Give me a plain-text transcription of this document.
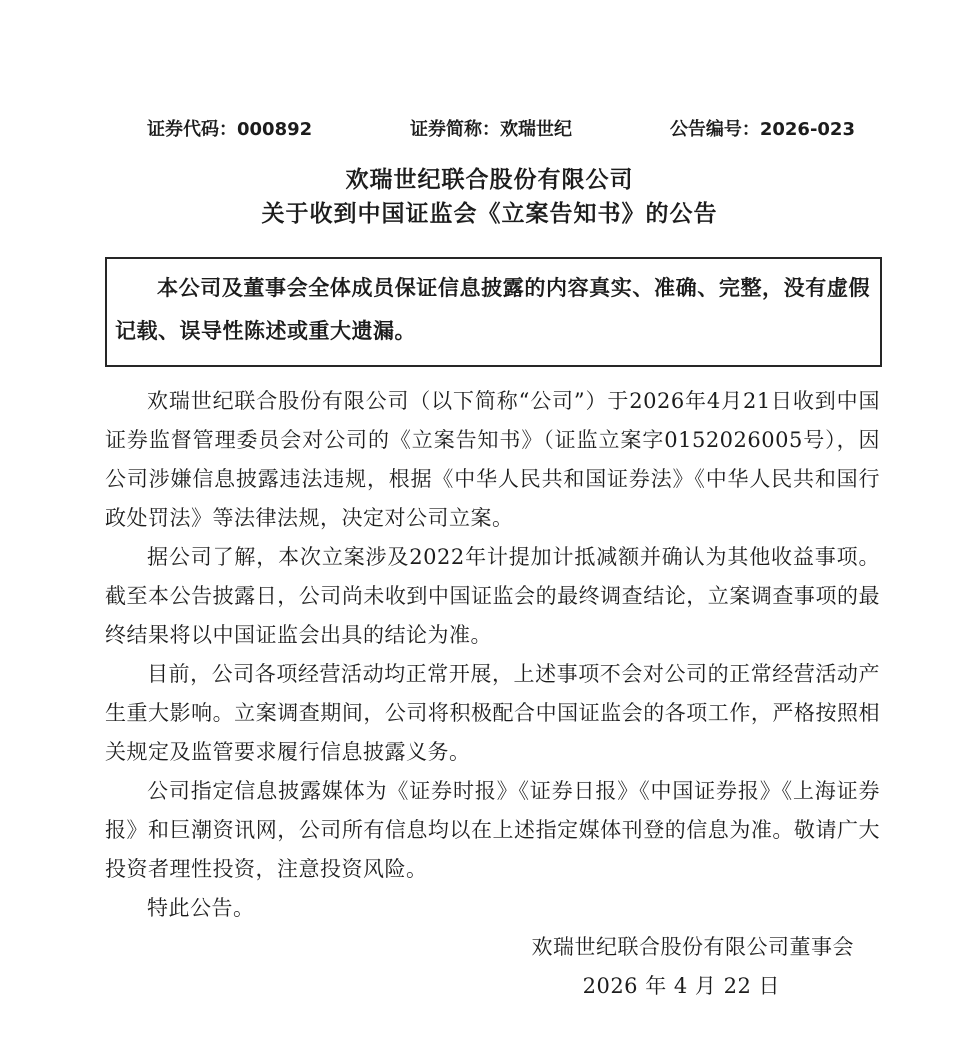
证券代码：000892	证券简称：欢瑞世纪	公告编号：2026-023
欢瑞世纪联合股份有限公司
关于收到中国证监会《立案告知书》的公告

本公司及董事会全体成员保证信息披露的内容真实、准确、完整，没有虚假记载、误导性陈述或重大遗漏。

欢瑞世纪联合股份有限公司（以下简称“公司”）于2026年4月21日收到中国证券监督管理委员会对公司的《立案告知书》（证监立案字0152026005号），因公司涉嫌信息披露违法违规，根据《中华人民共和国证券法》《中华人民共和国行政处罚法》等法律法规，决定对公司立案。

据公司了解，本次立案涉及2022年计提加计抵减额并确认为其他收益事项。截至本公告披露日，公司尚未收到中国证监会的最终调查结论，立案调查事项的最终结果将以中国证监会出具的结论为准。

目前，公司各项经营活动均正常开展，上述事项不会对公司的正常经营活动产生重大影响。立案调查期间，公司将积极配合中国证监会的各项工作，严格按照相关规定及监管要求履行信息披露义务。

公司指定信息披露媒体为《证券时报》《证券日报》《中国证券报》《上海证券报》和巨潮资讯网，公司所有信息均以在上述指定媒体刊登的信息为准。敬请广大投资者理性投资，注意投资风险。

特此公告。

欢瑞世纪联合股份有限公司董事会
2026 年 4 月 22 日
